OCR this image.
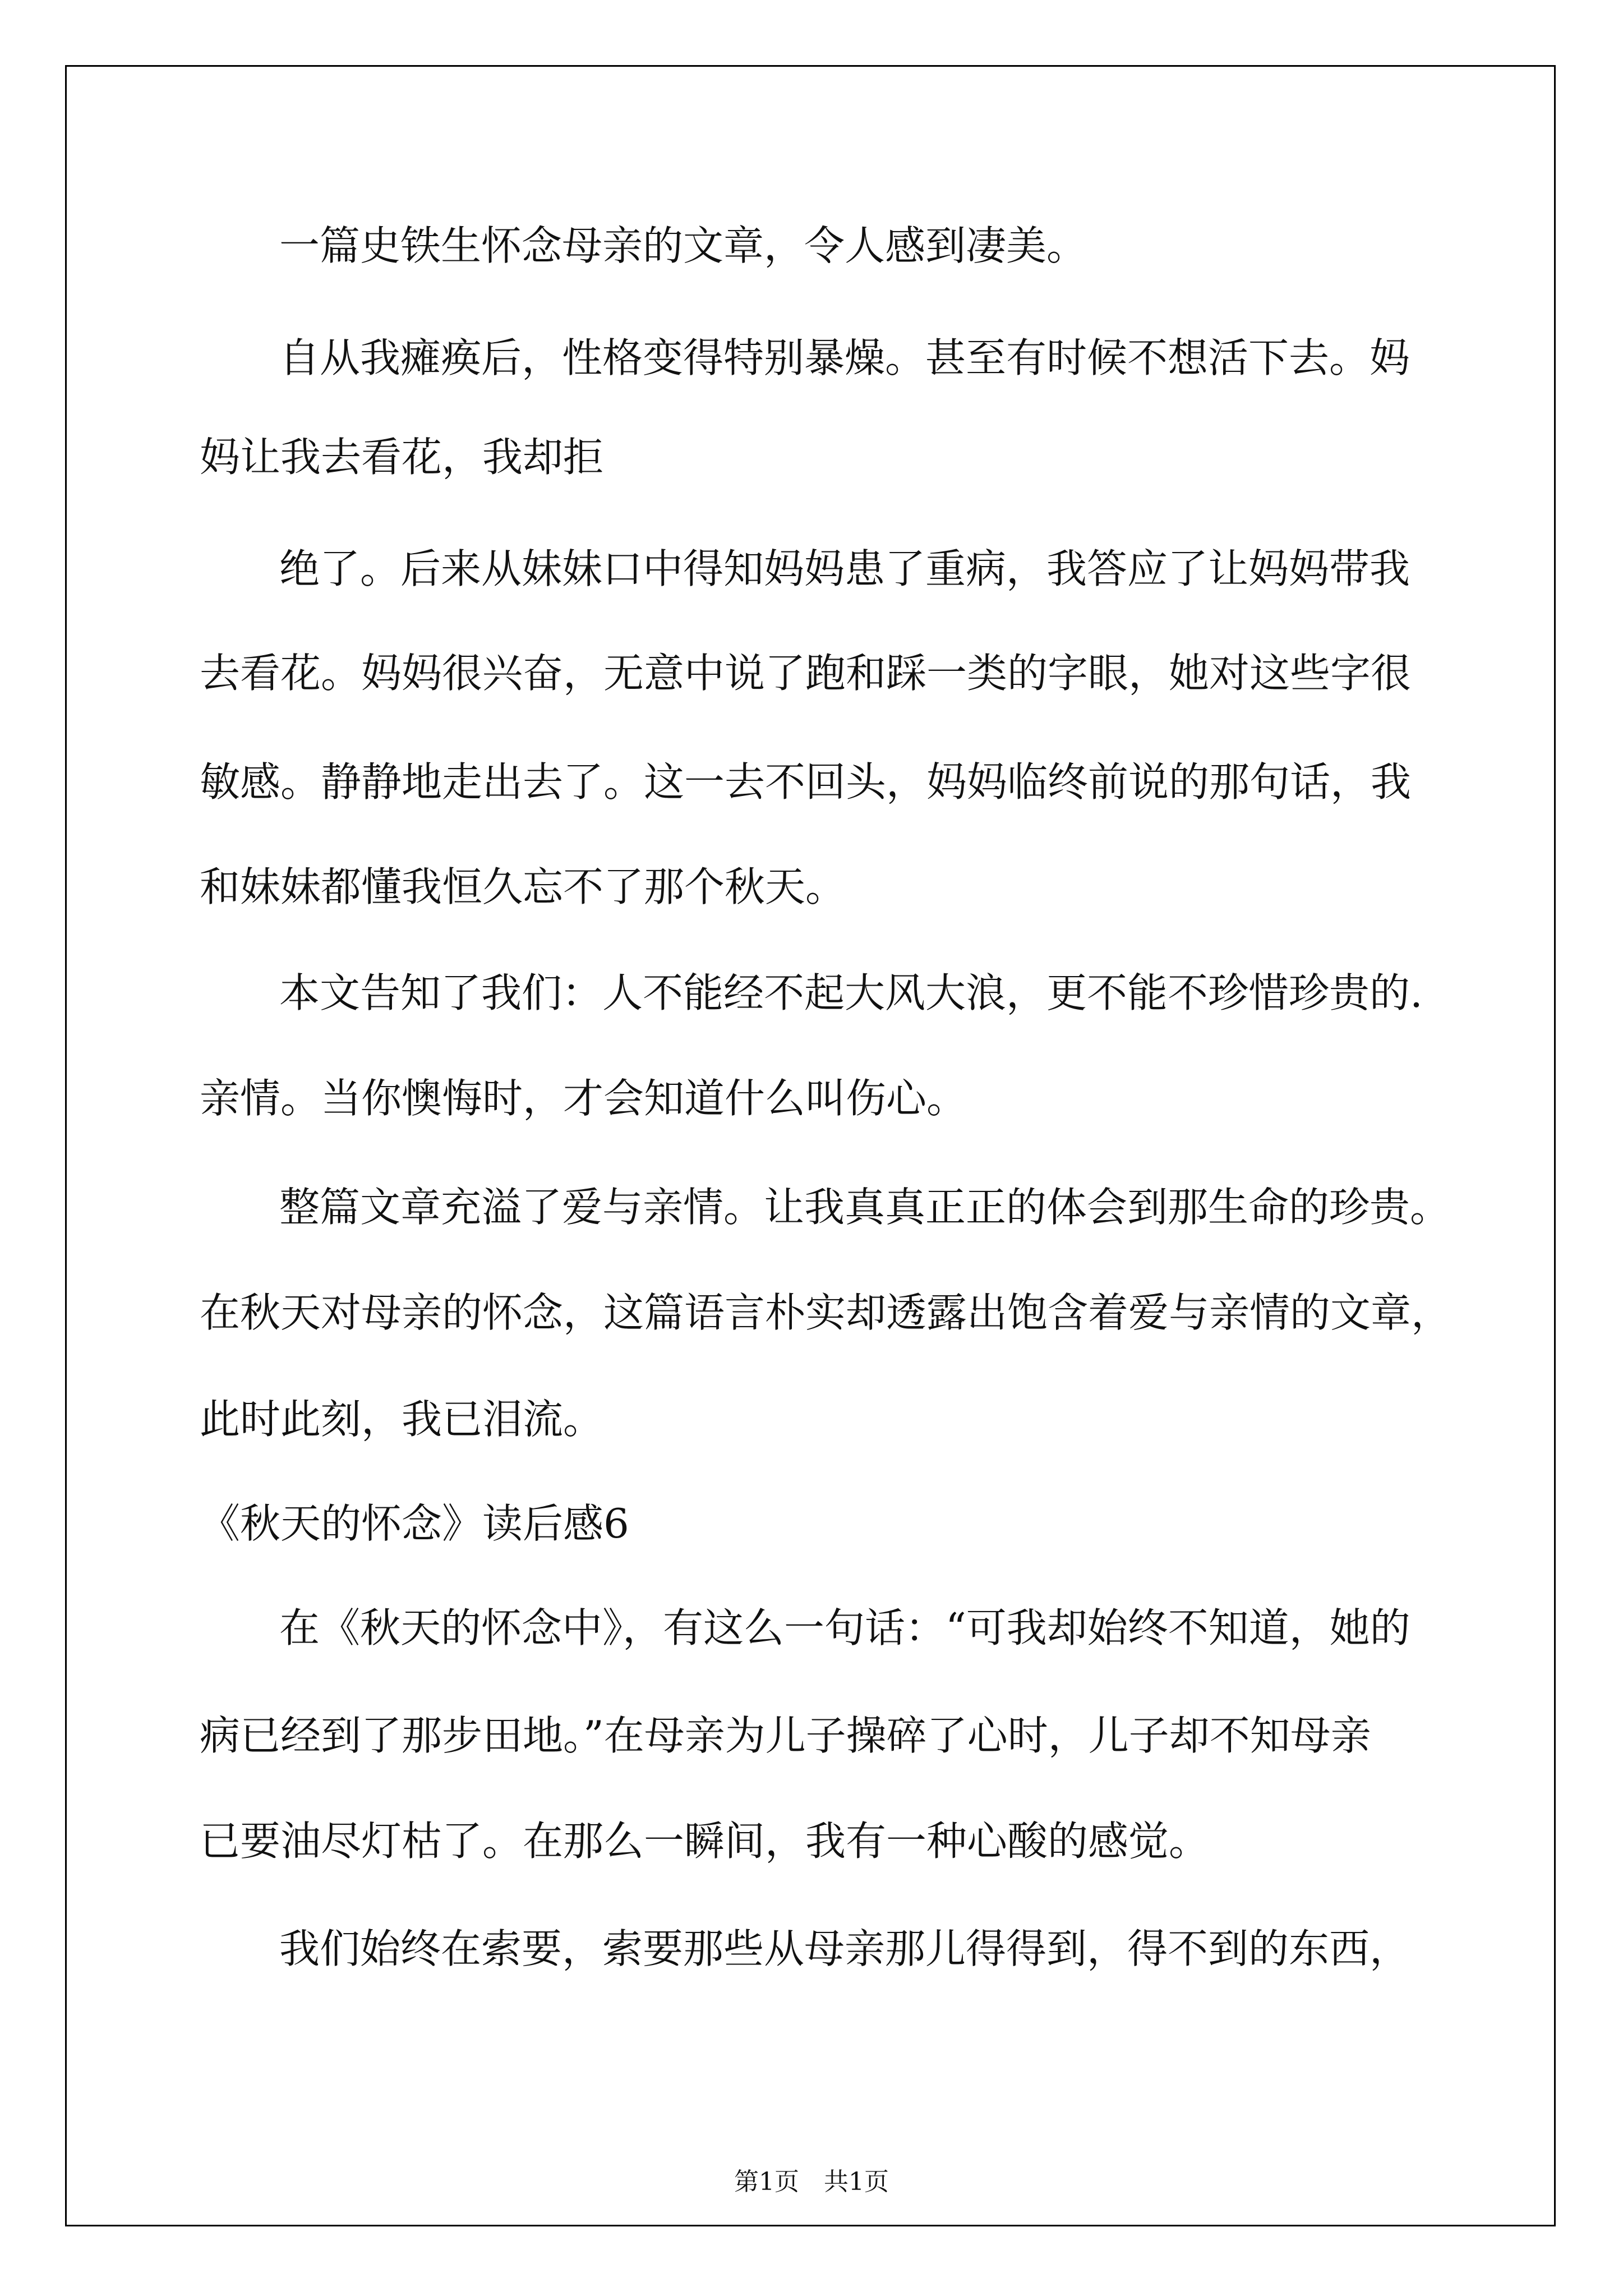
一篇史铁生怀念母亲的文章，令人感到凄美。

自从我瘫痪后，性格变得特别暴燥。甚至有时候不想活下去。妈

妈让我去看花，我却拒

绝了。后来从妹妹口中得知妈妈患了重病，我答应了让妈妈带我

去看花。妈妈很兴奋，无意中说了跑和踩一类的字眼，她对这些字很

敏感。静静地走出去了。这一去不回头，妈妈临终前说的那句话，我

和妹妹都懂我恒久忘不了那个秋天。

本文告知了我们：人不能经不起大风大浪，更不能不珍惜珍贵的.

亲情。当你懊悔时，才会知道什么叫伤心。

整篇文章充溢了爱与亲情。让我真真正正的体会到那生命的珍贵。

在秋天对母亲的怀念，这篇语言朴实却透露出饱含着爱与亲情的文章，

此时此刻，我已泪流。

《秋天的怀念》读后感6

在《秋天的怀念中》，有这么一句话：“可我却始终不知道，她的

病已经到了那步田地。”在母亲为儿子操碎了心时，儿子却不知母亲

已要油尽灯枯了。在那么一瞬间，我有一种心酸的感觉。

我们始终在索要，索要那些从母亲那儿得得到，得不到的东西，

第1页　共1页
